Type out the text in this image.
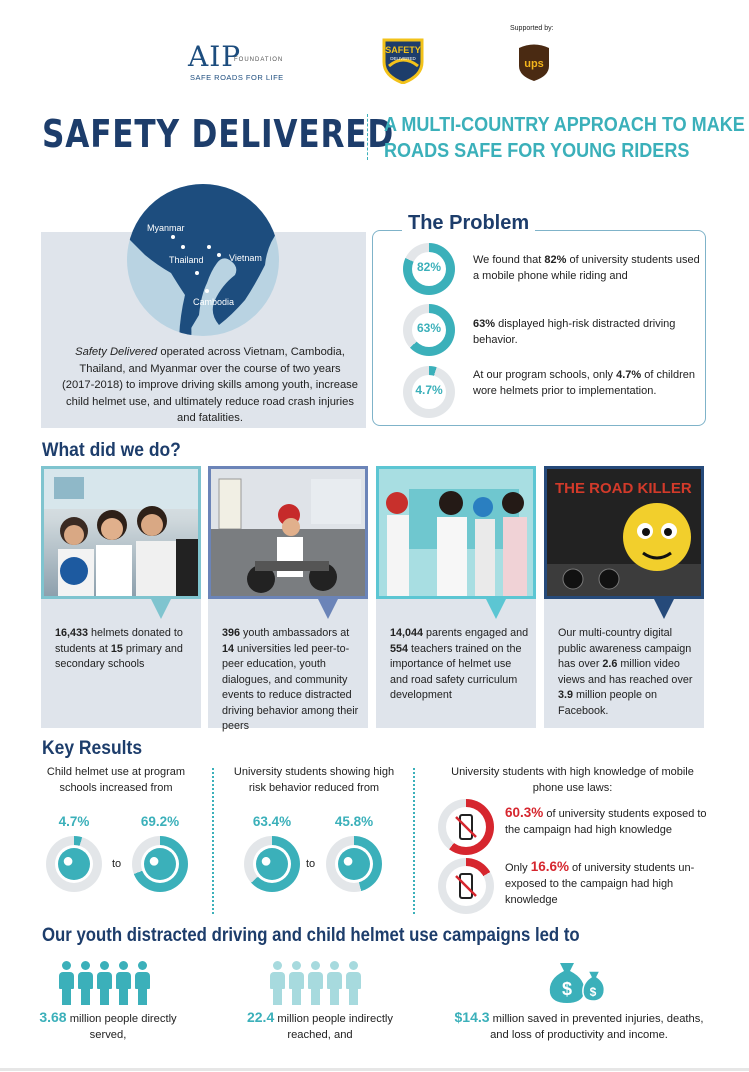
AIP
FOUNDATION
SAFE ROADS FOR LIFE
SAFETY
DELIVERED
Supported by:
ups
SAFETY DELIVERED
A MULTI-COUNTRY APPROACH TO MAKE
ROADS SAFE FOR YOUNG RIDERS
Myanmar
Thailand	Vietnam
Cambodia
Safety Delivered operated across Vietnam, Cambodia, Thailand, and Myanmar over the course of two years (2017-2018) to improve driving skills among youth, increase child helmet use, and ultimately reduce road crash injuries and fatalities.
The Problem
82%	We found that 82% of university students used a mobile phone while riding and
63%	63% displayed high-risk distracted driving behavior.
4.7%
At our program schools, only 4.7% of children wore helmets prior to implementation.
What did we do?
16,433 helmets donated to students at 15 primary and secondary schools
396 youth ambassadors at 14 universities led peer-to-peer education, youth dialogues, and community events to reduce distracted driving behavior among their peers
14,044 parents engaged and 554 teachers trained on the importance of helmet use and road safety curriculum development
THE ROAD KILLER
Our multi-country digital public awareness campaign has over 2.6 million video views and has reached over 3.9 million people on Facebook.
Key Results
Child helmet use at program schools increased from
4.7%	69.2%
●	to ●
University students showing high risk behavior reduced from
63.4%	45.8%
●	to ●
University students with high knowledge of mobile phone use laws:
60.3% of university students exposed to the campaign had high knowledge
Only 16.6% of university students un-exposed to the campaign had high knowledge
Our youth distracted driving and child helmet use campaigns led to
3.68 million people directly served,
22.4 million people indirectly reached, and
$ $
$14.3 million saved in prevented injuries, deaths, and loss of productivity and income.
